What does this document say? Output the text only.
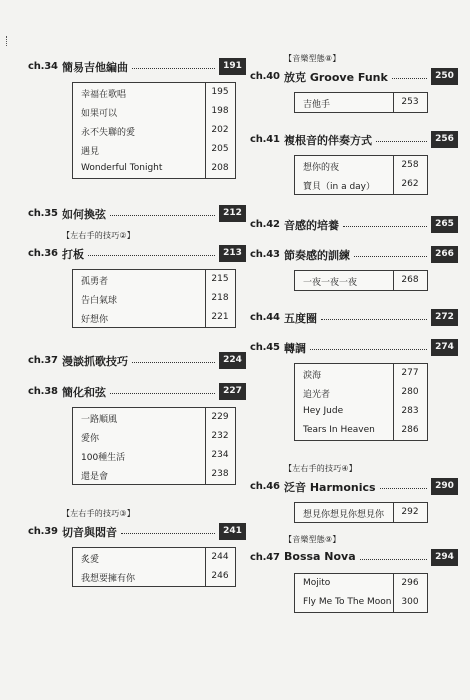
ch.34 簡易吉他編曲	191
幸福在歌唱	195
如果可以	198
永不失聯的愛	202
遇見	205
Wonderful Tonight	208
ch.35 如何換弦	212
【 左右手的技巧② 】
ch.36 打板	213
孤勇者	215
告白氣球	218
好想你	221
ch.37 漫談抓歌技巧	224
ch.38 簡化和弦	227
一路順風	229
愛你	232
100種生活	234
還是會	238
【 左右手的技巧③ 】
ch.39 切音與悶音	241
炙愛	244
我想要擁有你	246
【 音樂型態⑧ 】
ch.40 放克 Groove Funk	250
吉他手	253
ch.41 複根音的伴奏方式	256
想你的夜	258
寶貝（in a day）	262
ch.42 音感的培養	265
ch.43 節奏感的訓練	266
一夜一夜一夜	268
ch.44 五度圈	272
ch.45 轉調	274
淚海	277
追光者	280
Hey Jude	283
Tears In Heaven	286
【 左右手的技巧④ 】
ch.46 泛音 Harmonics	290
想見你想見你想見你	292
【 音樂型態⑨ 】
ch.47 Bossa Nova	294
Mojito	296
Fly Me To The Moon	300
